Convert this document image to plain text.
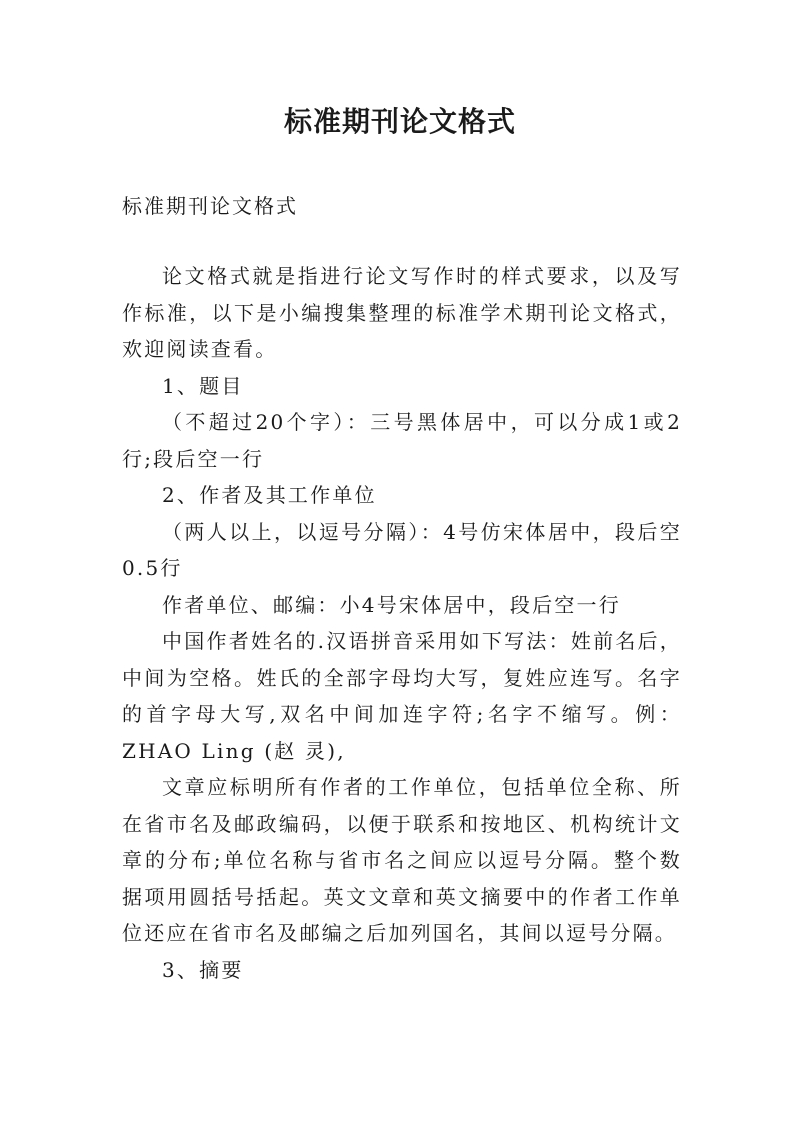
标准期刊论文格式
标准期刊论文格式

论文格式就是指进行论文写作时的样式要求，以及写作标准，以下是小编搜集整理的标准学术期刊论文格式，欢迎阅读查看。

1、题目

（不超过20个字）：三号黑体居中，可以分成1或2行;段后空一行

2、作者及其工作单位

（两人以上，以逗号分隔）：4号仿宋体居中，段后空0.5行

作者单位、邮编：小4号宋体居中，段后空一行

中国作者姓名的.汉语拼音采用如下写法：姓前名后，中间为空格。姓氏的全部字母均大写，复姓应连写。名字的首字母大写,双名中间加连字符;名字不缩写。例：ZHAO Ling (赵 灵),

文章应标明所有作者的工作单位，包括单位全称、所在省市名及邮政编码，以便于联系和按地区、机构统计文章的分布;单位名称与省市名之间应以逗号分隔。整个数据项用圆括号括起。英文文章和英文摘要中的作者工作单位还应在省市名及邮编之后加列国名，其间以逗号分隔。

3、摘要
